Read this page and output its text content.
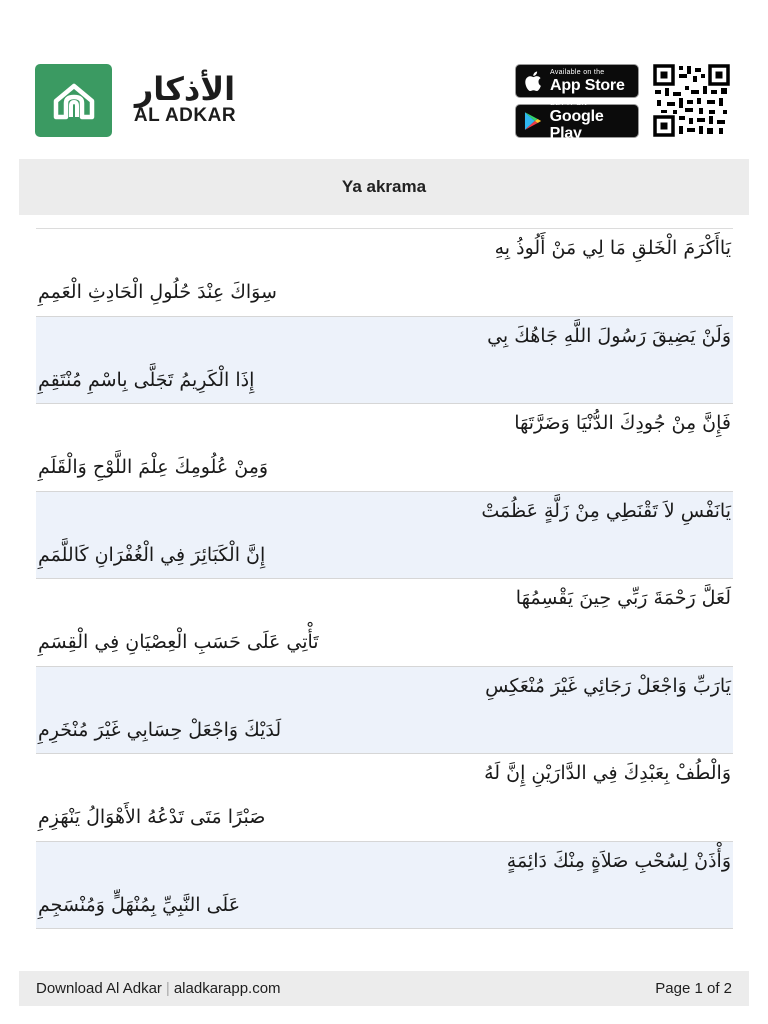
الأذكار
AL ADKAR
Available on the
App Store
GET IT ON
Google Play
Ya akrama
يَاأَكْرَمَ الْخَلقِ مَا لِي مَنْ أَلُوذُ بِهِ
سِوَاكَ عِنْدَ حُلُولِ الْحَادِثِ الْعَمِمِ
وَلَنْ يَضِيقَ رَسُولَ اللَّهِ جَاهُكَ بِي
إِذَا الْكَرِيمُ تَجَلَّى بِاسْمِ مُنْتَقِمِ
فَإِنَّ مِنْ جُودِكَ الدُّنْيَا وَضَرَّتَهَا
وَمِنْ عُلُومِكَ عِلْمَ اللَّوْحِ وَالْقَلَمِ
يَانَفْسِ لاَ تَقْنَطِي مِنْ زَلَّةٍ عَظُمَتْ
إِنَّ الْكَبَائِرَ فِي الْغُفْرَانِ كَاللَّمَمِ
لَعَلَّ رَحْمَةَ رَبِّي حِينَ يَقْسِمُهَا
تَأْتِي عَلَى حَسَبِ الْعِصْيَانِ فِي الْقِسَمِ
يَارَبِّ وَاجْعَلْ رَجَائِي غَيْرَ مُنْعَكِسِ
لَدَيْكَ وَاجْعَلْ حِسَابِي غَيْرَ مُنْخَرِمِ
وَالْطُفْ بِعَبْدِكَ فِي الدَّارَيْنِ إِنَّ لَهُ
صَبْرًا مَتَى تَدْعُهُ الأَهْوَالُ يَنْهَزِمِ
وَأْذَنْ لِسُحْبِ صَلاَةٍ مِنْكَ دَائِمَةٍ
عَلَى النَّبِيِّ بِمُنْهَلٍّ وَمُنْسَجِمِ
Download Al Adkar | aladkarapp.com	Page 1 of 2
